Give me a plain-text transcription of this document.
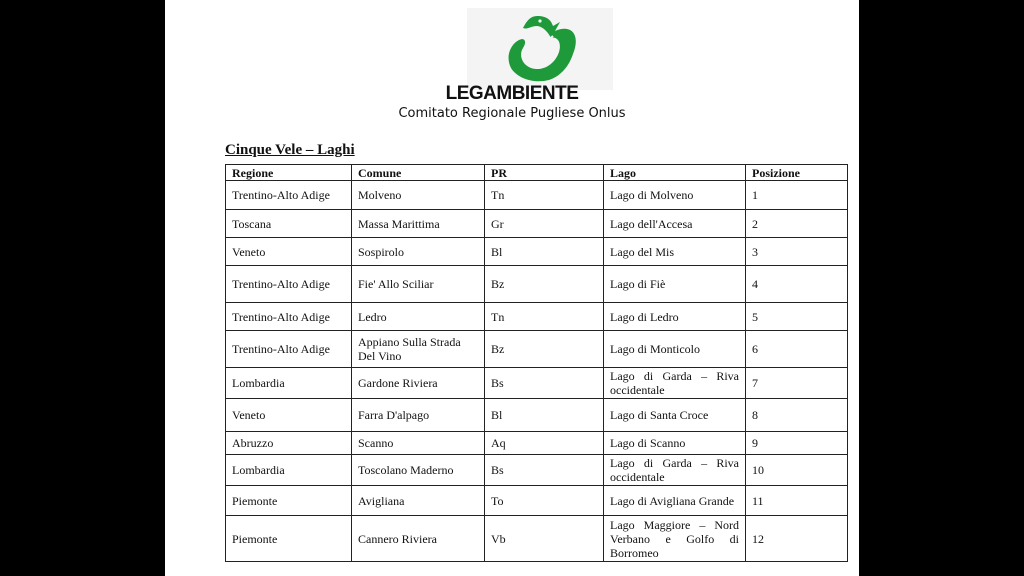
LEGAMBIENTE
Comitato Regionale Pugliese Onlus
Cinque Vele – Laghi
Regione	Comune	PR	Lago	Posizione
Trentino-Alto Adige	Molveno	Tn	Lago di Molveno	1
Toscana	Massa Marittima	Gr	Lago dell'Accesa	2
Veneto	Sospirolo	Bl	Lago del Mis	3
Trentino-Alto Adige	Fie' Allo Sciliar	Bz	Lago di Fiè	4
Trentino-Alto Adige	Ledro	Tn	Lago di Ledro	5
Trentino-Alto Adige	Appiano Sulla Strada Del Vino	Bz	Lago di Monticolo	6
Lombardia	Gardone Riviera	Bs	Lago di Garda – Riva occidentale	7
Veneto	Farra D'alpago	Bl	Lago di Santa Croce	8
Abruzzo	Scanno	Aq	Lago di Scanno	9
Lombardia	Toscolano Maderno	Bs	Lago di Garda – Riva occidentale	10
Piemonte	Avigliana	To	Lago di Avigliana Grande	11
Piemonte	Cannero Riviera	Vb	Lago Maggiore – Nord Verbano e Golfo di Borromeo	12
